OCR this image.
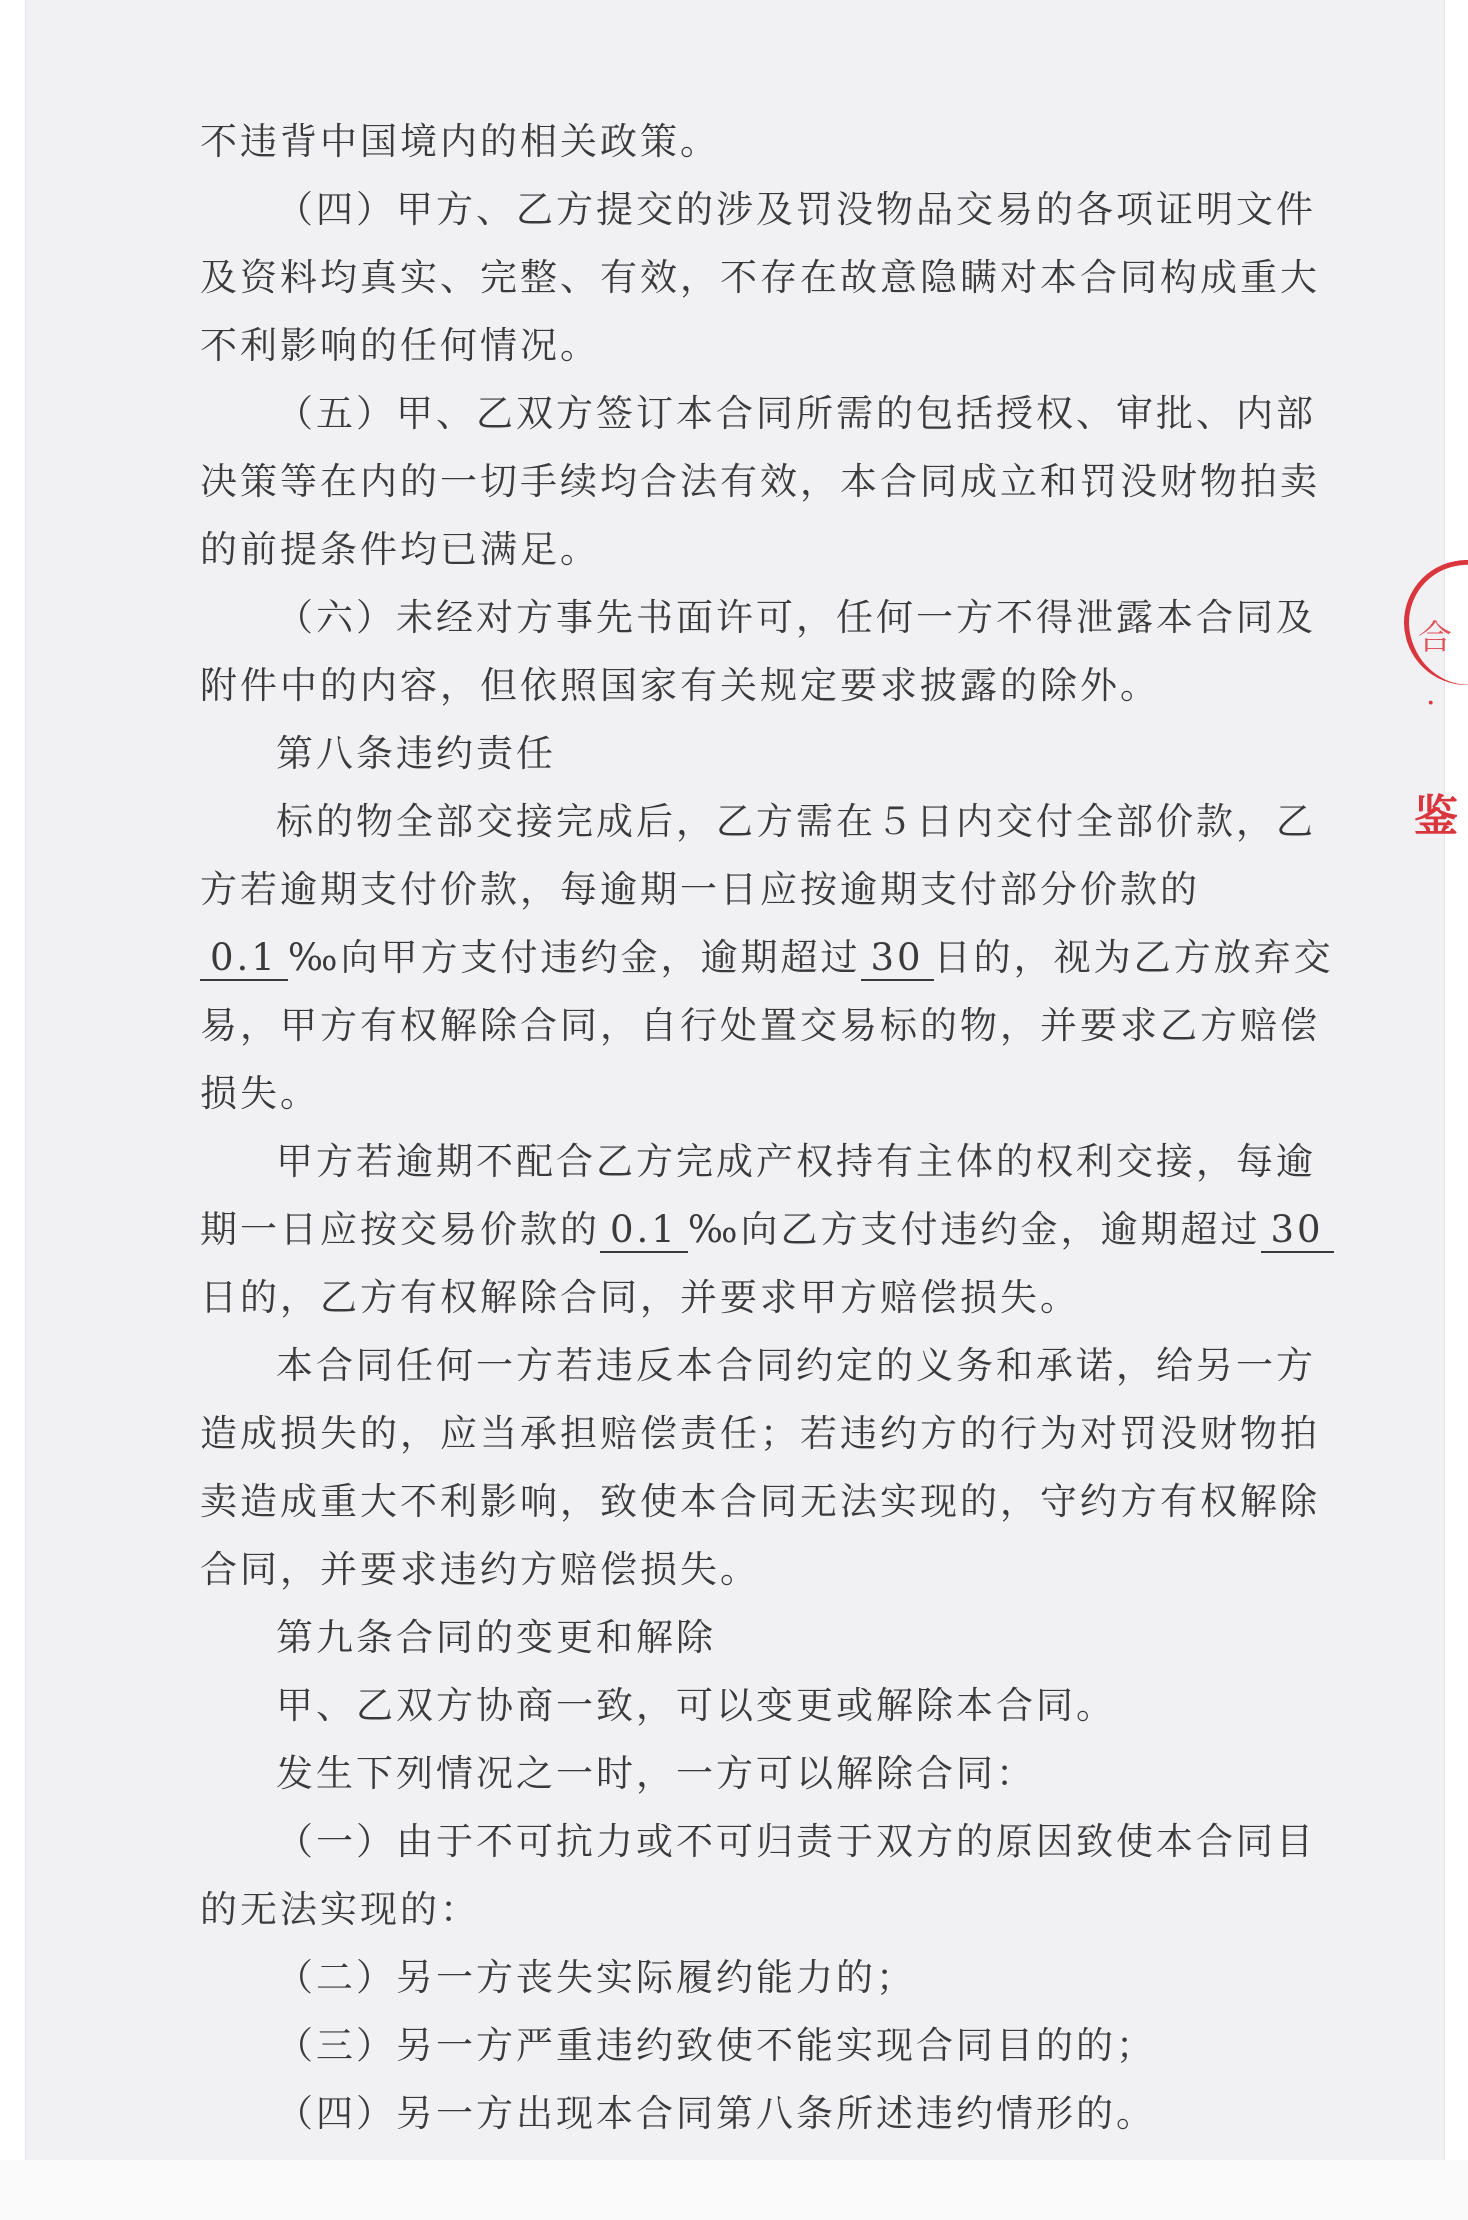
不违背中国境内的相关政策。

（四）甲方、乙方提交的涉及罚没物品交易的各项证明文件及资料均真实、完整、有效，不存在故意隐瞒对本合同构成重大不利影响的任何情况。

（五）甲、乙双方签订本合同所需的包括授权、审批、内部决策等在内的一切手续均合法有效，本合同成立和罚没财物拍卖的前提条件均已满足。

（六）未经对方事先书面许可，任何一方不得泄露本合同及附件中的内容，但依照国家有关规定要求披露的除外。

第八条违约责任

标的物全部交接完成后，乙方需在５日内交付全部价款，乙方若逾期支付价款，每逾期一日应按逾期支付部分价款的0.1 ‰向甲方支付违约金，逾期超过 30 日的，视为乙方放弃交易，甲方有权解除合同，自行处置交易标的物，并要求乙方赔偿损失。

甲方若逾期不配合乙方完成产权持有主体的权利交接，每逾期一日应按交易价款的 0.1 ‰向乙方支付违约金，逾期超过 30日的，乙方有权解除合同，并要求甲方赔偿损失。

本合同任何一方若违反本合同约定的义务和承诺，给另一方造成损失的，应当承担赔偿责任；若违约方的行为对罚没财物拍卖造成重大不利影响，致使本合同无法实现的，守约方有权解除合同，并要求违约方赔偿损失。

第九条合同的变更和解除

甲、乙双方协商一致，可以变更或解除本合同。

发生下列情况之一时，一方可以解除合同：

（一）由于不可抗力或不可归责于双方的原因致使本合同目的无法实现的：

（二）另一方丧失实际履约能力的；

（三）另一方严重违约致使不能实现合同目的的；

（四）另一方出现本合同第八条所述违约情形的。

合
·
鉴
